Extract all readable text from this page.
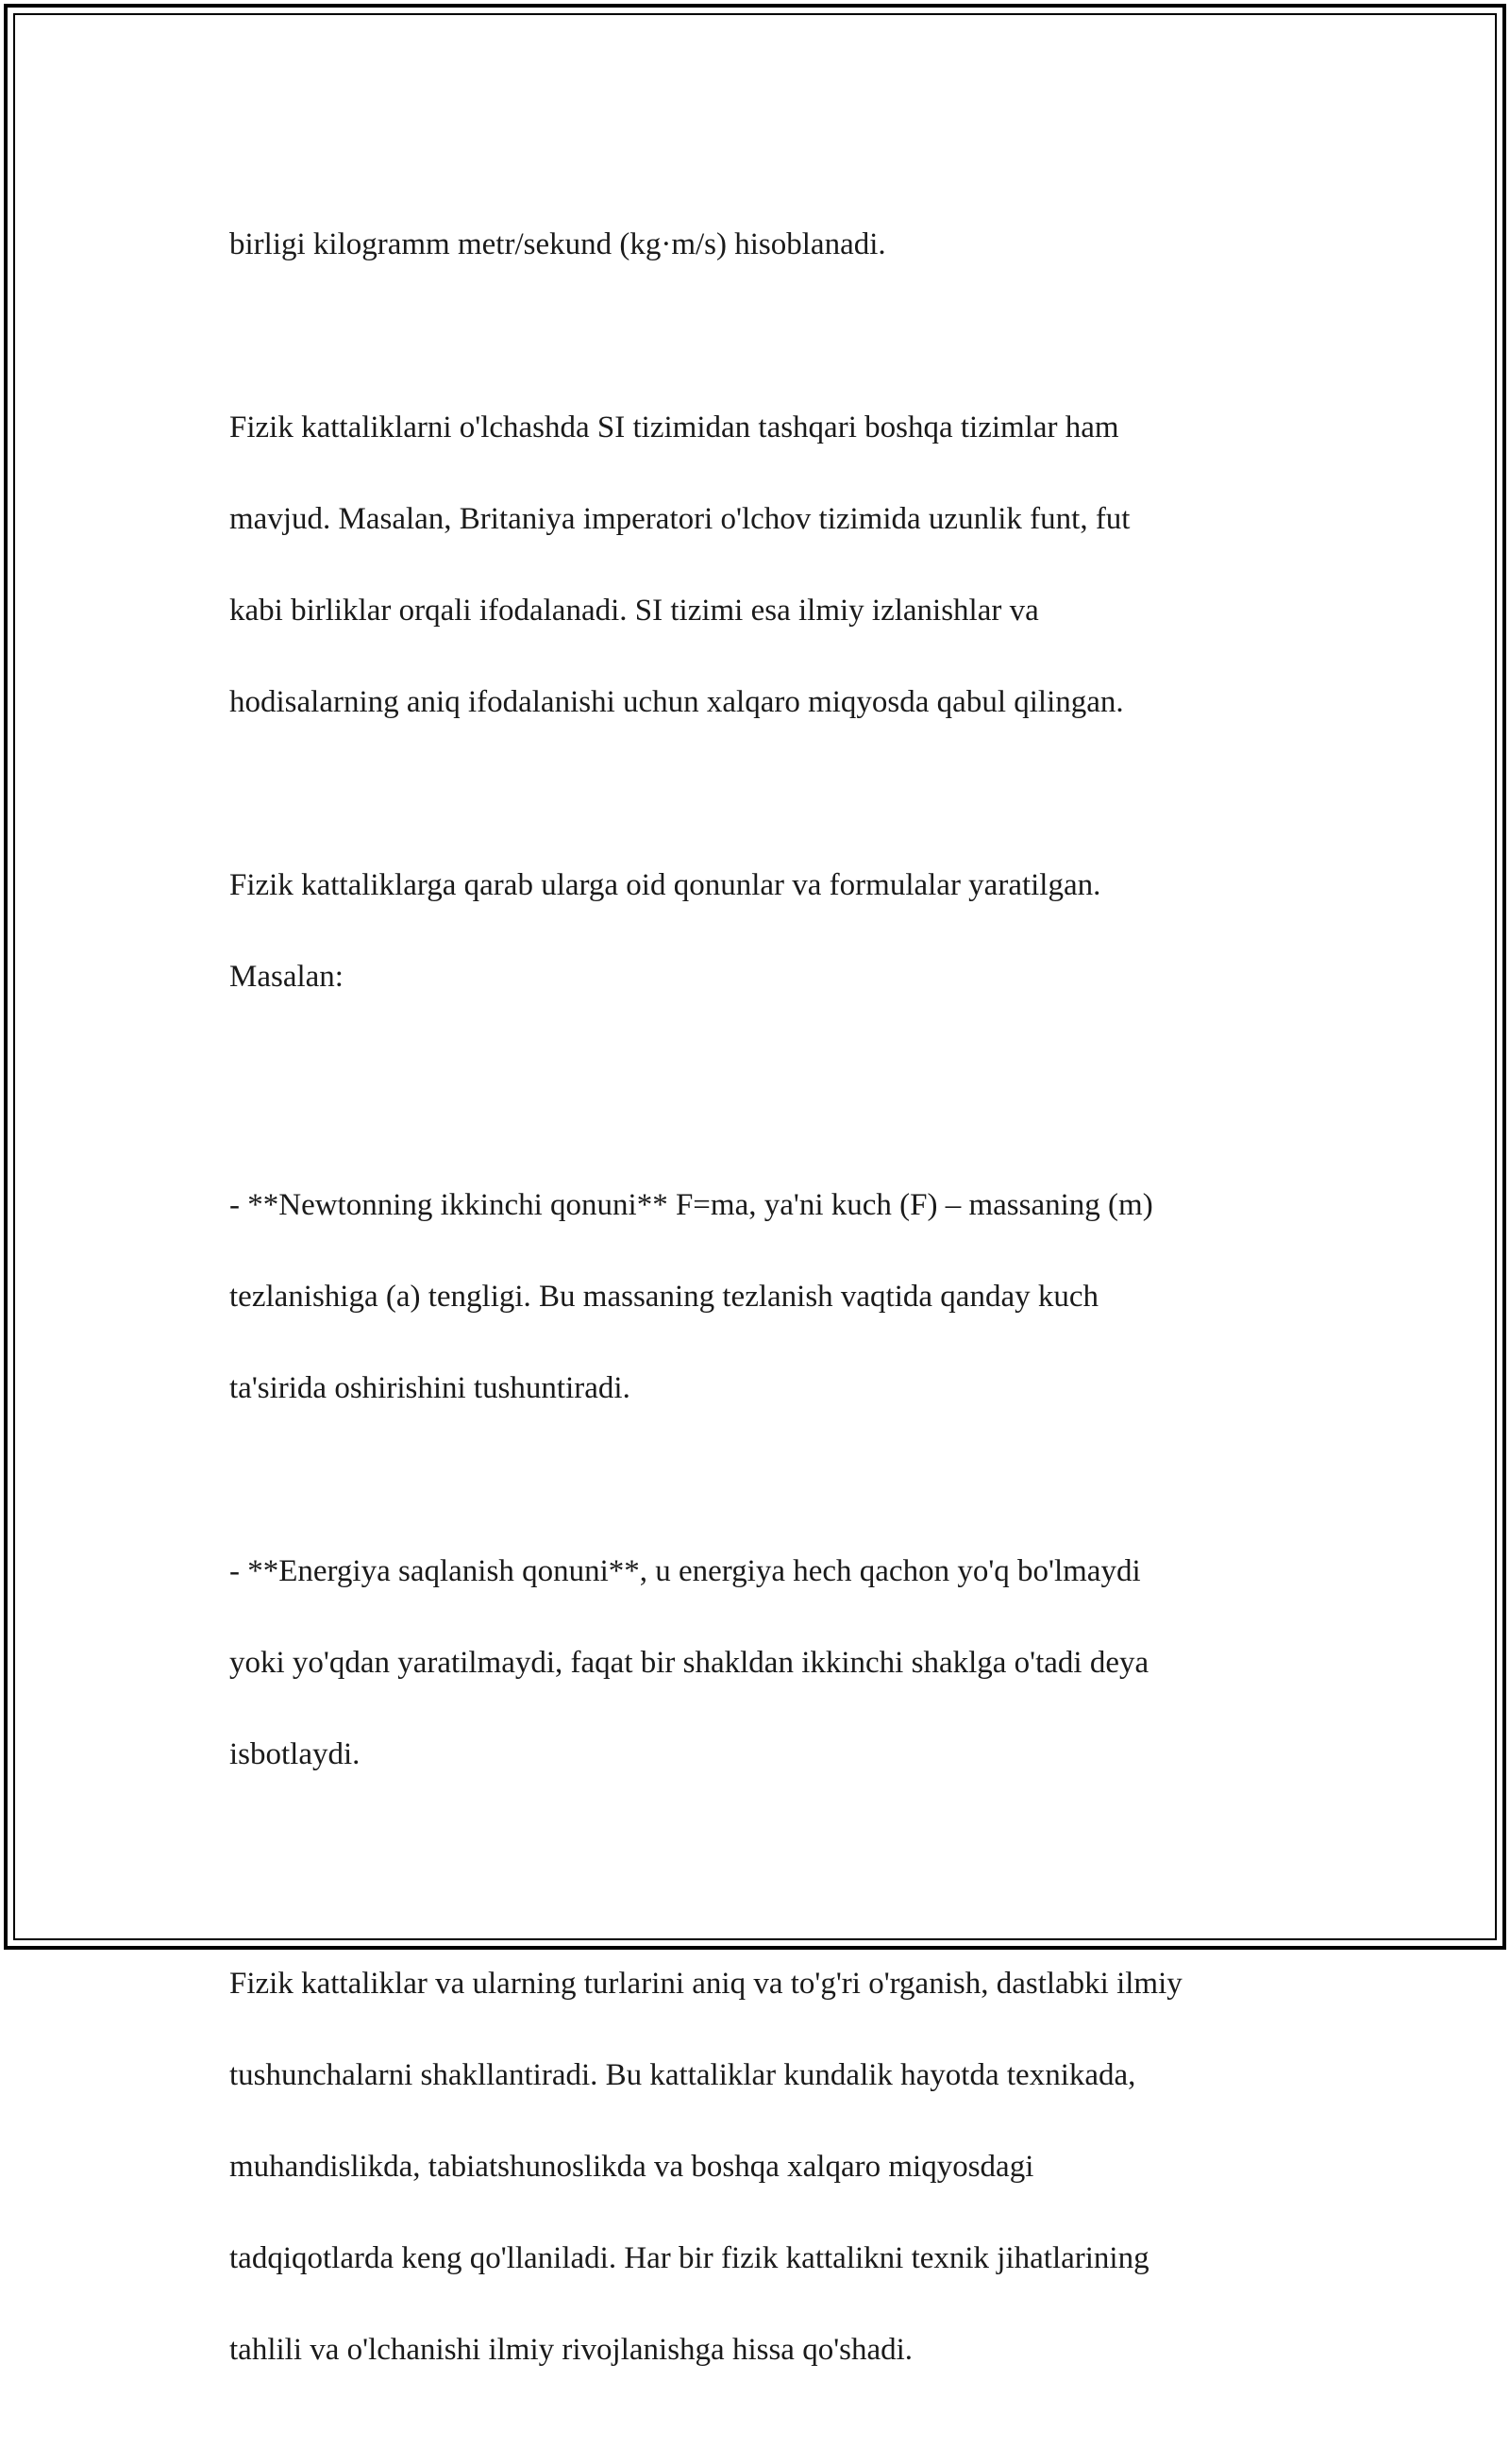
birligi kilogramm metr/sekund (kg·m/s) hisoblanadi.

Fizik kattaliklarni o'lchashda SI tizimidan tashqari boshqa tizimlar ham

mavjud. Masalan, Britaniya imperatori o'lchov tizimida uzunlik funt, fut

kabi birliklar orqali ifodalanadi. SI tizimi esa ilmiy izlanishlar va

hodisalarning aniq ifodalanishi uchun xalqaro miqyosda qabul qilingan.

Fizik kattaliklarga qarab ularga oid qonunlar va formulalar yaratilgan.

Masalan:

- **Newtonning ikkinchi qonuni** F=ma, ya'ni kuch (F) – massaning (m)

tezlanishiga (a) tengligi. Bu massaning tezlanish vaqtida qanday kuch

ta'sirida oshirishini tushuntiradi.

- **Energiya saqlanish qonuni**, u energiya hech qachon yo'q bo'lmaydi

yoki yo'qdan yaratilmaydi, faqat bir shakldan ikkinchi shaklga o'tadi deya

isbotlaydi.

Fizik kattaliklar va ularning turlarini aniq va to'g'ri o'rganish, dastlabki ilmiy

tushunchalarni shakllantiradi. Bu kattaliklar kundalik hayotda texnikada,

muhandislikda, tabiatshunoslikda va boshqa xalqaro miqyosdagi

tadqiqotlarda keng qo'llaniladi. Har bir fizik kattalikni texnik jihatlarining

tahlili va o'lchanishi ilmiy rivojlanishga hissa qo'shadi.
